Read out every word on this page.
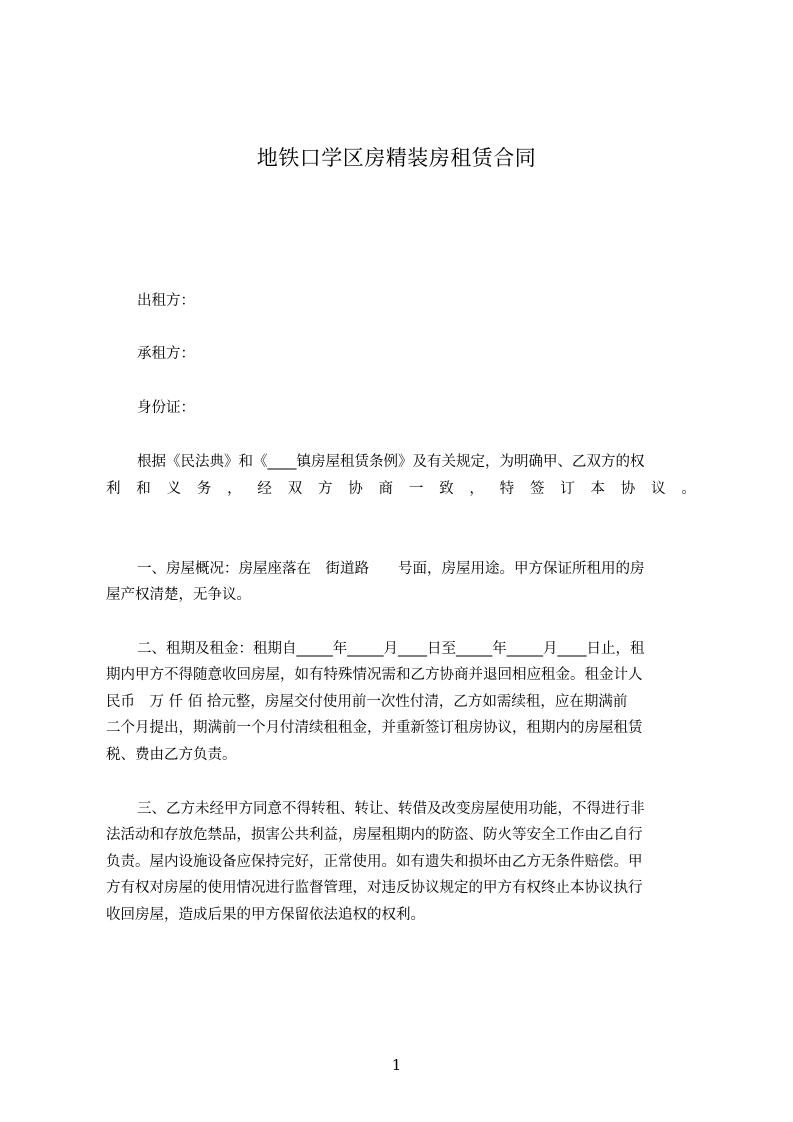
地铁口学区房精装房租赁合同
出租方：
承租方：
身份证：
根据《民法典》和《____镇房屋租赁条例》及有关规定，为明确甲、乙双方的权
利 和 义 务 ， 经 双 方 协 商 一 致 ， 特 签 订 本 协 议 。
一、房屋概况：房屋座落在　街道路　　号面，房屋用途。甲方保证所租用的房
屋产权清楚，无争议。
二、租期及租金：租期自_____年_____月____日至_____年_____月____日止，租
期内甲方不得随意收回房屋，如有特殊情况需和乙方协商并退回相应租金。租金计人
民币　万 仟 佰 拾元整，房屋交付使用前一次性付清，乙方如需续租，应在期满前
二个月提出，期满前一个月付清续租租金，并重新签订租房协议，租期内的房屋租赁
税、费由乙方负责。
三、乙方未经甲方同意不得转租、转让、转借及改变房屋使用功能，不得进行非
法活动和存放危禁品，损害公共利益，房屋租期内的防盗、防火等安全工作由乙自行
负责。屋内设施设备应保持完好，正常使用。如有遗失和损坏由乙方无条件赔偿。甲
方有权对房屋的使用情况进行监督管理，对违反协议规定的甲方有权终止本协议执行
收回房屋，造成后果的甲方保留依法追权的权利。
1
